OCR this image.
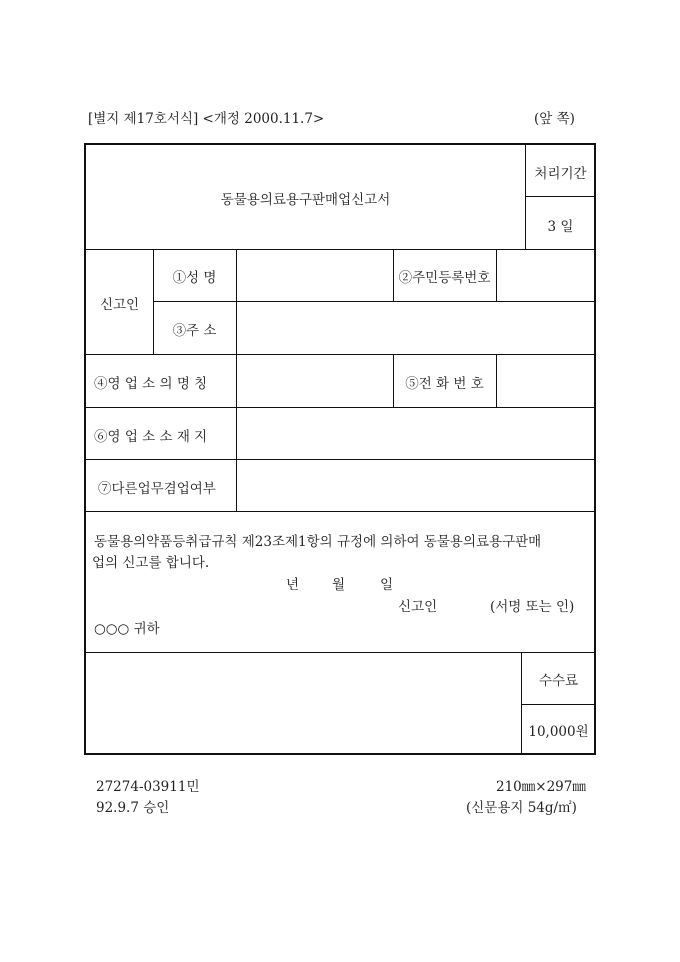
[별지 제17호서식] <개정 2000.11.7>	(앞 쪽)
동물용의료용구판매업신고서
처리기간
3 일
신고인
①성 명	②주민등록번호
③주 소
④영 업 소 의 명 칭	⑤전 화 번 호
⑥영 업 소 소 재 지
⑦다른업무겸업여부
동물용의약품등취급규칙 제23조제1항의 규정에 의하여 동물용의료용구판매
업의 신고를 합니다.
년 월	일
신고인	(서명 또는 인)
○○○ 귀하
수수료
10,000원
27274-03911민
92.9.7 승인
210㎜×297㎜
(신문용지 54g/㎡)
